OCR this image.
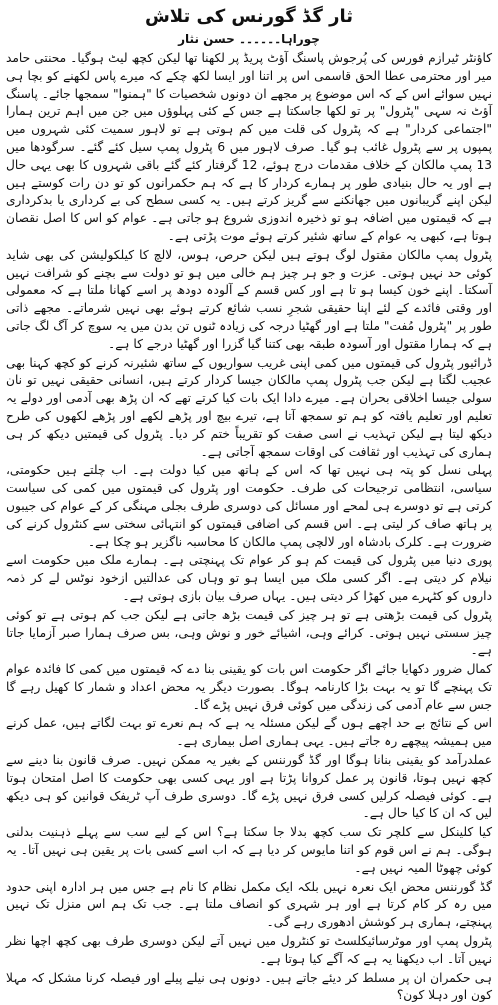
ثار گڈ گورنس کی تلاش
چوراہا۔۔۔۔۔۔ حسن نثار

کاؤنٹر ٹیرازم فورس کی پُرجوش پاسنگ آؤٹ پریڈ پر لکھنا تھا لیکن کچھ لیٹ ہوگیا۔ محنتی حامد میر اور محترمی عطا الحق قاسمی اس پر اتنا اور ایسا لکھ چکے کہ میرے پاس لکھنے کو بچا ہی نہیں سوائے اس کے کہ اس موضوع پر مجھے ان دونوں شخصیات کا "ہمنوا" سمجھا جائے۔ پاسنگ آؤٹ نہ سہی "پٹرول" پر تو لکھا جاسکتا ہے جس کے کئی پہلوؤں میں جن میں اہم ترین ہمارا "اجتماعی کردار" ہے کہ پٹرول کی قلت میں کم ہوتی ہے تو لاہور سمیت کئی شہروں میں پمپوں پر سے پٹرول غائب ہو گیا۔ صرف لاہور میں 6 پٹرول پمپ سیل کئے گئے۔ سرگودھا میں 13 پمپ مالکان کے خلاف مقدمات درج ہوئے، 12 گرفتار کئے گئے باقی شہروں کا بھی یہی حال ہے اور یہ حال بنیادی طور پر ہمارے کردار کا ہے کہ ہم حکمرانوں کو تو دن رات کوستے ہیں لیکن اپنے گریبانوں میں جھانکنے سے گریز کرتے ہیں۔ یہ کسی سطح کی بے کرداری یا بدکرداری ہے کہ قیمتوں میں اضافہ ہو تو ذخیرہ اندوزی شروع ہو جاتی ہے۔ عوام کو اس کا اصل نقصان ہوتا ہے، کبھی یہ عوام کے ساتھ شئیر کرتے ہوئے موت پڑتی ہے۔

پٹرول پمپ مالکان مقتول لوگ ہوتے ہیں لیکن حرص، ہوس، لالچ کا کیلکولیشن کی بھی شاید کوئی حد نہیں ہوتی۔ عزت و جو ہر چیز ہم خالی میں ہو تو دولت سے بچنے کو شرافت نہیں آسکتا۔ اپنے خون کیسا ہو تا ہے اور کس قسم کے آلودہ دودھ پر اسے کھانا ملتا ہے کہ معمولی اور وقتی فائدے کے لئے اپنا حقیقی شجرِ نسب شائع کرتے ہوئے بھی نہیں شرماتے۔ مجھے ذاتی طور پر "پٹرول مُفت" ملتا ہے اور گھٹیا درجہ کی زیادہ ٹنوں تن بدن میں یہ سوچ کر آگ لگ جاتی ہے کہ ہمارا مقتول اور آسودہ طبقہ بھی کتنا گیا گزرا اور گھٹیا درجے کا ہے۔

ڈرائیور پٹرول کی قیمتوں میں کمی اپنی غریب سواریوں کے ساتھ شئیرنہ کرنے کو کچھ کہنا بھی عجیب لگتا ہے لیکن جب پٹرول پمپ مالکان جیسا کردار کرتے ہیں، انسانی حقیقی نہیں تو نان سولی جیسا اخلاقی بحران ہے۔ میرے دادا ایک بات کیا کرتے تھے کہ ان پڑھ بھی آدمی اور دولے یہ تعلیم اور تعلیم یافتہ کو ہم تو سمجھ آتا ہے، تیرے بیچ اور پڑھے لکھے اور پڑھے لکھوں کی طرح دیکھ لیتا ہے لیکن تہذیب نے اسی صفت کو تقریباً ختم کر دیا۔ پٹرول کی قیمتیں دیکھ کر ہی ہماری کی تہذیب اور ثقافت کی اوقات سمجھ آجاتی ہے۔

پہلی نسل کو پتہ ہی نہیں تھا کہ اس کے ہاتھ میں کیا دولت ہے۔ اب چلتے ہیں حکومتی، سیاسی، انتظامی ترجیحات کی طرف۔ حکومت اور پٹرول کی قیمتوں میں کمی کی سیاست کرتی ہے تو دوسرے ہی لمحے اور مسائل کی دوسری طرف بجلی مہنگی کر کے عوام کی جیبوں پر ہاتھ صاف کر لیتی ہے۔ اس قسم کی اضافی قیمتوں کو انتہائی سختی سے کنٹرول کرنے کی ضرورت ہے۔ کلرک بادشاہ اور لالچی پمپ مالکان کا محاسبہ ناگزیر ہو چکا ہے۔

پوری دنیا میں پٹرول کی قیمت کم ہو کر عوام تک پہنچتی ہے۔ ہمارے ملک میں حکومت اسے نیلام کر دیتی ہے۔ اگر کسی ملک میں ایسا ہو تو وہاں کی عدالتیں ازخود نوٹس لے کر ذمہ داروں کو کٹہرے میں کھڑا کر دیتی ہیں۔ یہاں صرف بیان بازی ہوتی ہے۔

پٹرول کی قیمت بڑھتی ہے تو ہر چیز کی قیمت بڑھ جاتی ہے لیکن جب کم ہوتی ہے تو کوئی چیز سستی نہیں ہوتی۔ کرائے وہی، اشیائے خور و نوش وہی، بس صرف ہمارا صبر آزمایا جاتا ہے۔

کمال ضرور دکھایا جائے اگر حکومت اس بات کو یقینی بنا دے کہ قیمتوں میں کمی کا فائدہ عوام تک پہنچے گا تو یہ بہت بڑا کارنامہ ہوگا۔ بصورت دیگر یہ محض اعداد و شمار کا کھیل رہے گا جس سے عام آدمی کی زندگی میں کوئی فرق نہیں پڑے گا۔

اس کے نتائج بے حد اچھے ہوں گے لیکن مسئلہ یہ ہے کہ ہم نعرے تو بہت لگاتے ہیں، عمل کرنے میں ہمیشہ پیچھے رہ جاتے ہیں۔ یہی ہماری اصل بیماری ہے۔

عملدرآمد کو یقینی بنانا ہوگا اور گڈ گورننس کے بغیر یہ ممکن نہیں۔ صرف قانون بنا دینے سے کچھ نہیں ہوتا، قانون پر عمل کروانا پڑتا ہے اور یہی کسی بھی حکومت کا اصل امتحان ہوتا ہے۔ کوئی فیصلہ کرلیں کسی فرق نہیں پڑے گا۔ دوسری طرف آپ ٹریفک قوانین کو ہی دیکھ لیں کہ ان کا کیا حال ہے۔

کیا کلینکل سے کلچر تک سب کچھ بدلا جا سکتا ہے؟ اس کے لیے سب سے پہلے ذہنیت بدلنی ہوگی۔ ہم نے اس قوم کو اتنا مایوس کر دیا ہے کہ اب اسے کسی بات پر یقین ہی نہیں آتا۔ یہ کوئی چھوٹا المیہ نہیں ہے۔

گڈ گورننس محض ایک نعرہ نہیں بلکہ ایک مکمل نظام کا نام ہے جس میں ہر ادارہ اپنی حدود میں رہ کر کام کرتا ہے اور ہر شہری کو انصاف ملتا ہے۔ جب تک ہم اس منزل تک نہیں پہنچتے، ہماری ہر کوشش ادھوری رہے گی۔

پٹرول پمپ اور موٹرسائیکلسٹ تو کنٹرول میں نہیں آتے لیکن دوسری طرف بھی کچھ اچھا نظر نہیں آتا۔ اب دیکھنا یہ ہے کہ آگے کیا ہوتا ہے۔

ہی حکمران ان پر مسلط کر دیئے جاتے ہیں۔ دونوں ہی نیلے پیلے اور فیصلہ کرنا مشکل کہ مہلا کون اور دہلا کون؟
